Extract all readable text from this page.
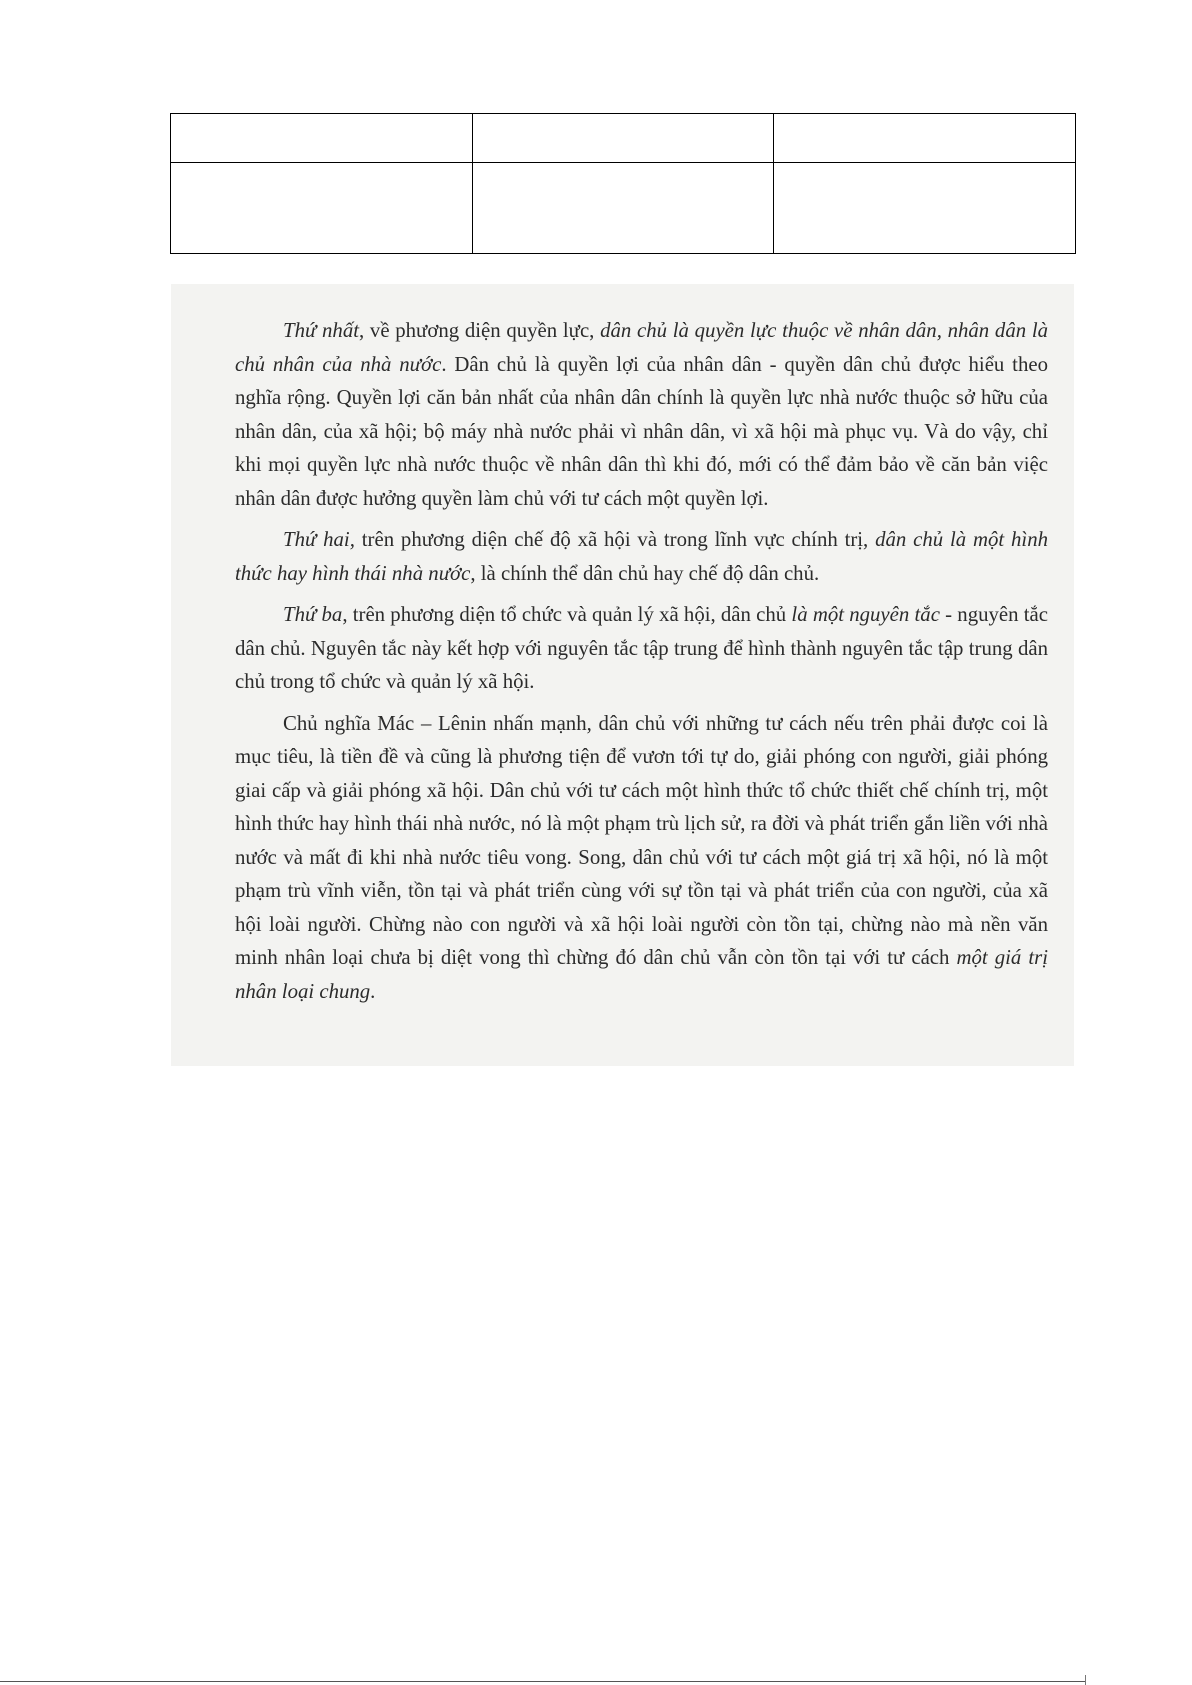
Thứ nhất, về phương diện quyền lực, dân chủ là quyền lực thuộc về nhân dân, nhân dân là chủ nhân của nhà nước. Dân chủ là quyền lợi của nhân dân - quyền dân chủ được hiểu theo nghĩa rộng. Quyền lợi căn bản nhất của nhân dân chính là quyền lực nhà nước thuộc sở hữu của nhân dân, của xã hội; bộ máy nhà nước phải vì nhân dân, vì xã hội mà phục vụ. Và do vậy, chỉ khi mọi quyền lực nhà nước thuộc về nhân dân thì khi đó, mới có thể đảm bảo về căn bản việc nhân dân được hưởng quyền làm chủ với tư cách một quyền lợi.

Thứ hai, trên phương diện chế độ xã hội và trong lĩnh vực chính trị, dân chủ là một hình thức hay hình thái nhà nước, là chính thể dân chủ hay chế độ dân chủ.

Thứ ba, trên phương diện tổ chức và quản lý xã hội, dân chủ là một nguyên tắc - nguyên tắc dân chủ. Nguyên tắc này kết hợp với nguyên tắc tập trung để hình thành nguyên tắc tập trung dân chủ trong tổ chức và quản lý xã hội.

Chủ nghĩa Mác – Lênin nhấn mạnh, dân chủ với những tư cách nếu trên phải được coi là mục tiêu, là tiền đề và cũng là phương tiện để vươn tới tự do, giải phóng con người, giải phóng giai cấp và giải phóng xã hội. Dân chủ với tư cách một hình thức tổ chức thiết chế chính trị, một hình thức hay hình thái nhà nước, nó là một phạm trù lịch sử, ra đời và phát triển gắn liền với nhà nước và mất đi khi nhà nước tiêu vong. Song, dân chủ với tư cách một giá trị xã hội, nó là một phạm trù vĩnh viễn, tồn tại và phát triển cùng với sự tồn tại và phát triển của con người, của xã hội loài người. Chừng nào con người và xã hội loài người còn tồn tại, chừng nào mà nền văn minh nhân loại chưa bị diệt vong thì chừng đó dân chủ vẫn còn tồn tại với tư cách một giá trị nhân loại chung.
